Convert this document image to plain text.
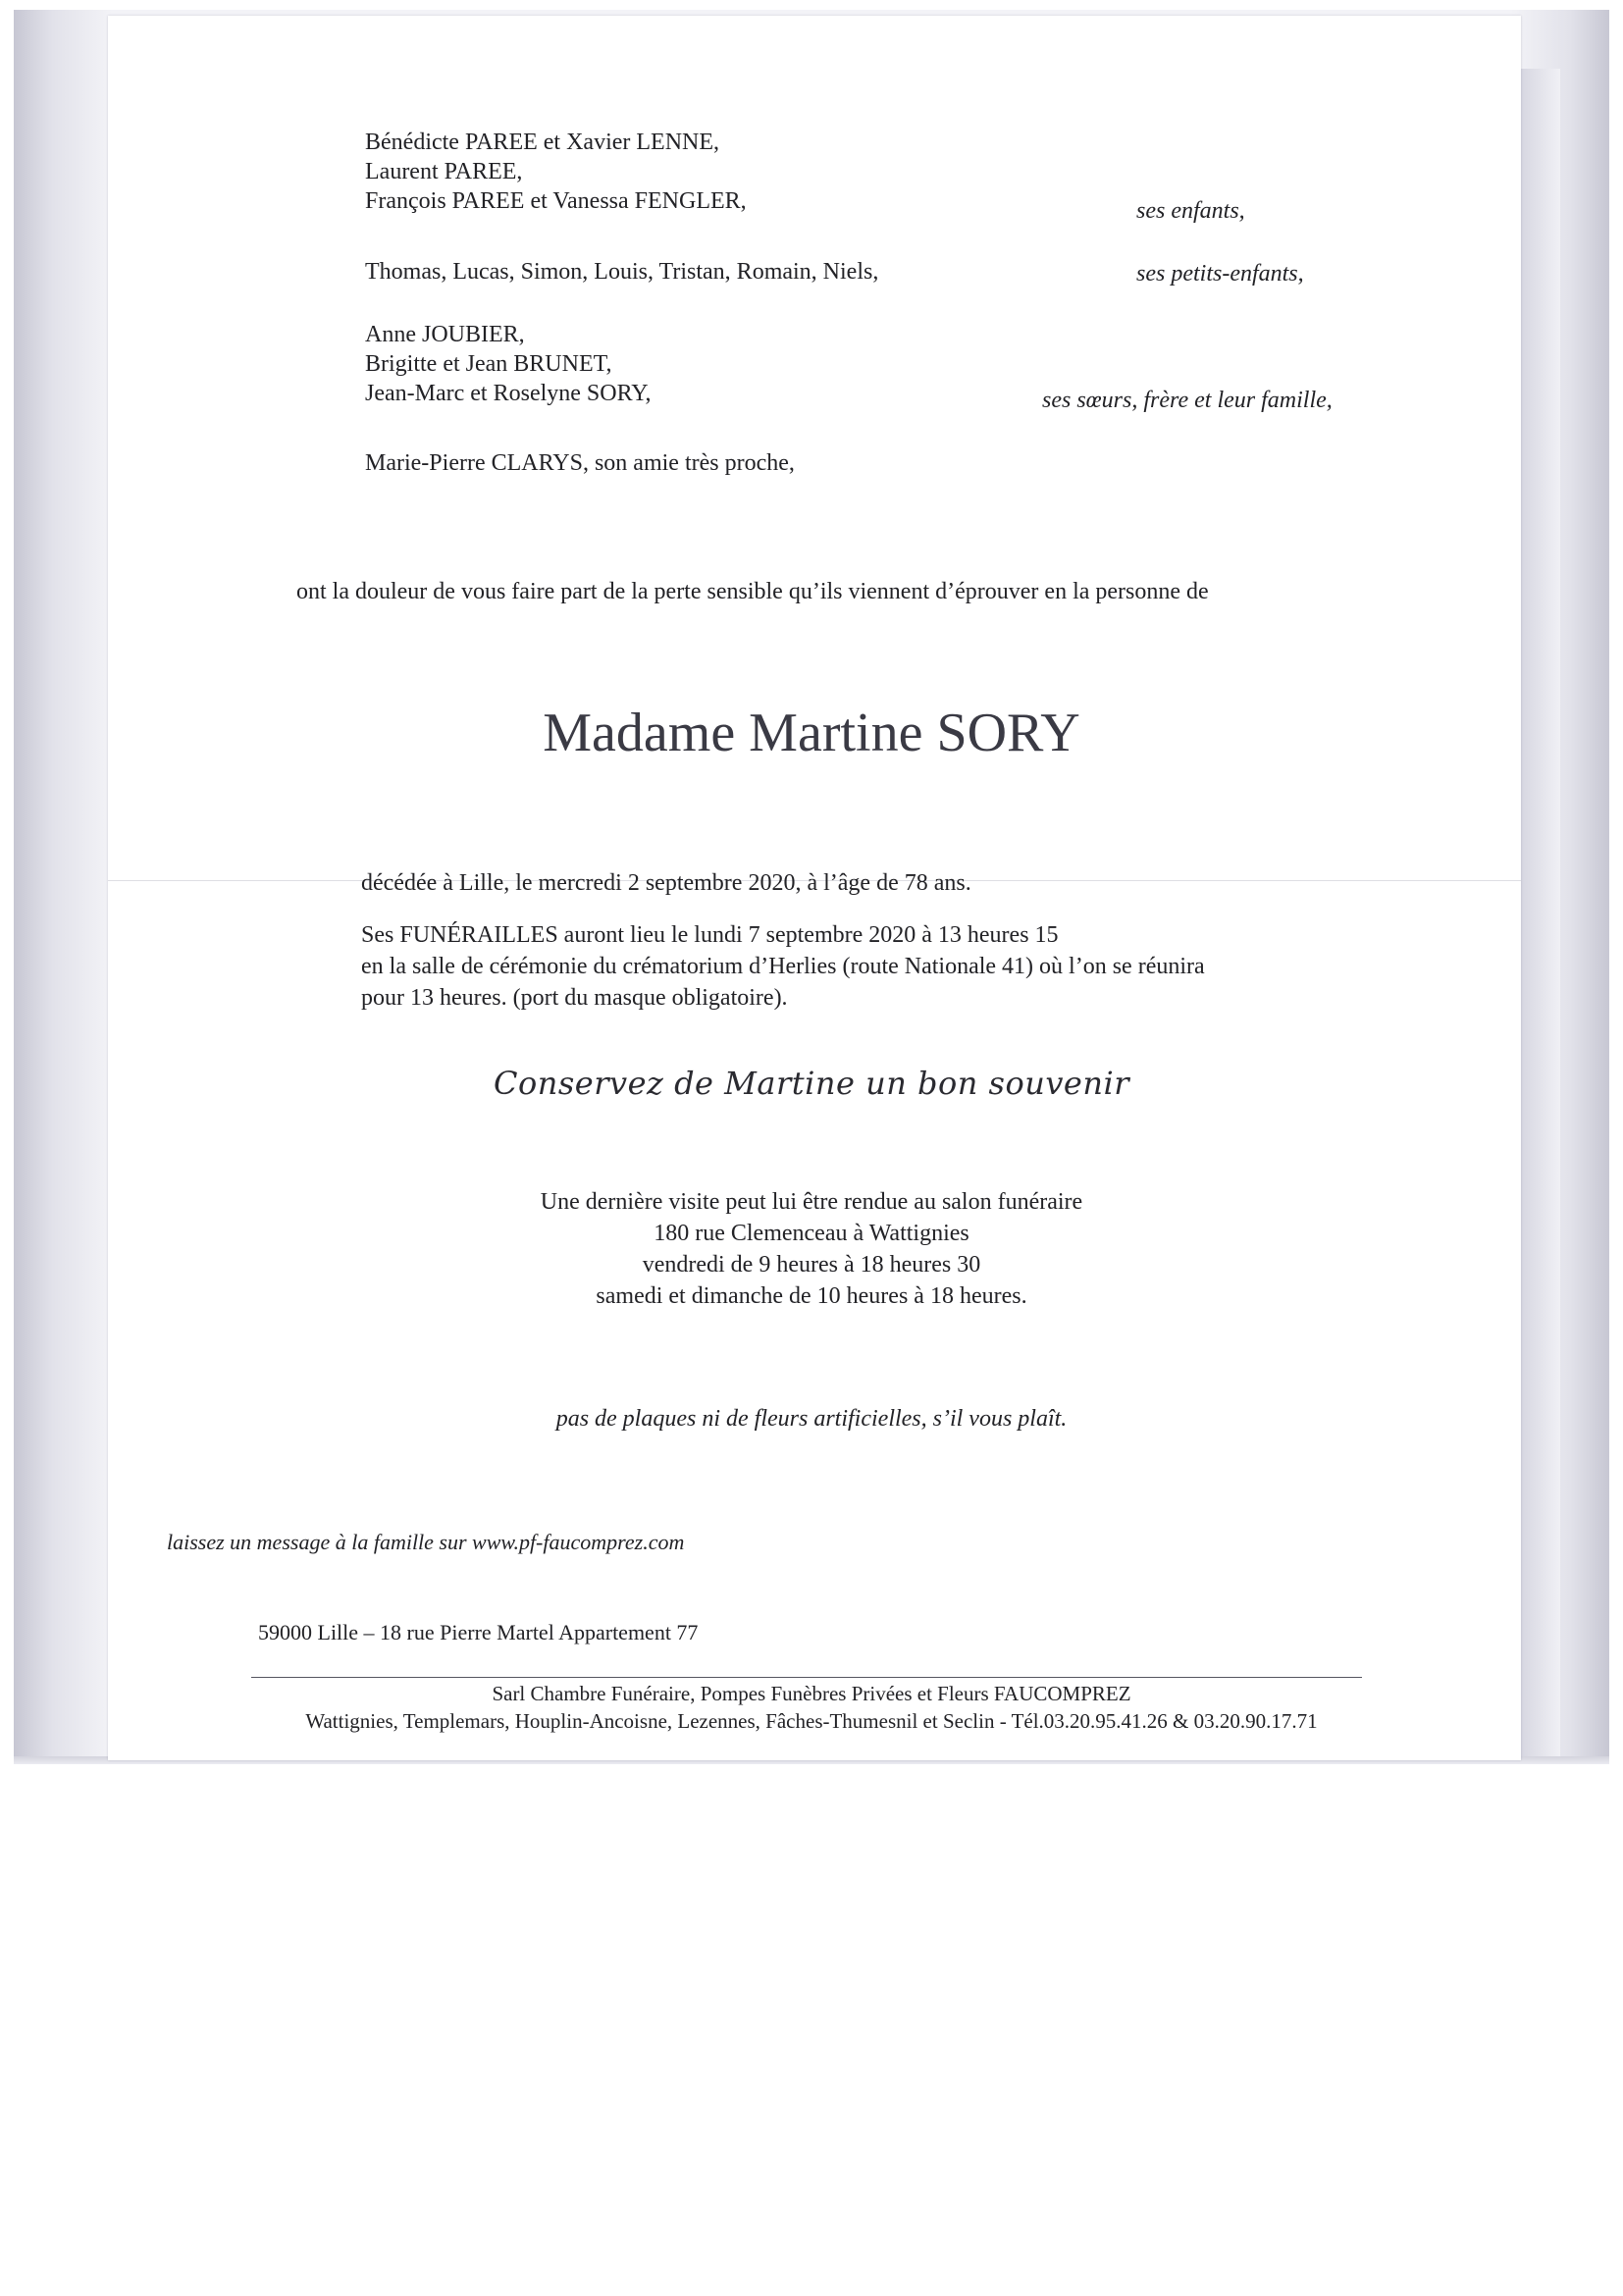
Bénédicte PAREE et Xavier LENNE,
Laurent PAREE,
François PAREE et Vanessa FENGLER,	ses enfants,
Thomas, Lucas, Simon, Louis, Tristan, Romain, Niels,	ses petits-enfants,
Anne JOUBIER,
Brigitte et Jean BRUNET,
Jean-Marc et Roselyne SORY,	ses sœurs, frère et leur famille,
Marie-Pierre CLARYS, son amie très proche,
ont la douleur de vous faire part de la perte sensible qu’ils viennent d’éprouver en la personne de
Madame Martine SORY
décédée à Lille, le mercredi 2 septembre 2020, à l’âge de 78 ans.
Ses FUNÉRAILLES auront lieu le lundi 7 septembre 2020 à 13 heures 15
en la salle de cérémonie du crématorium d’Herlies (route Nationale 41) où l’on se réunira
pour 13 heures. (port du masque obligatoire).
Conservez de Martine un bon souvenir
Une dernière visite peut lui être rendue au salon funéraire
180 rue Clemenceau à Wattignies
vendredi de 9 heures à 18 heures 30
samedi et dimanche de 10 heures à 18 heures.
pas de plaques ni de fleurs artificielles, s’il vous plaît.
laissez un message à la famille sur www.pf-faucomprez.com
59000 Lille – 18 rue Pierre Martel Appartement 77
Sarl Chambre Funéraire, Pompes Funèbres Privées et Fleurs FAUCOMPREZ
Wattignies, Templemars, Houplin-Ancoisne, Lezennes, Fâches-Thumesnil et Seclin - Tél.03.20.95.41.26 & 03.20.90.17.71
